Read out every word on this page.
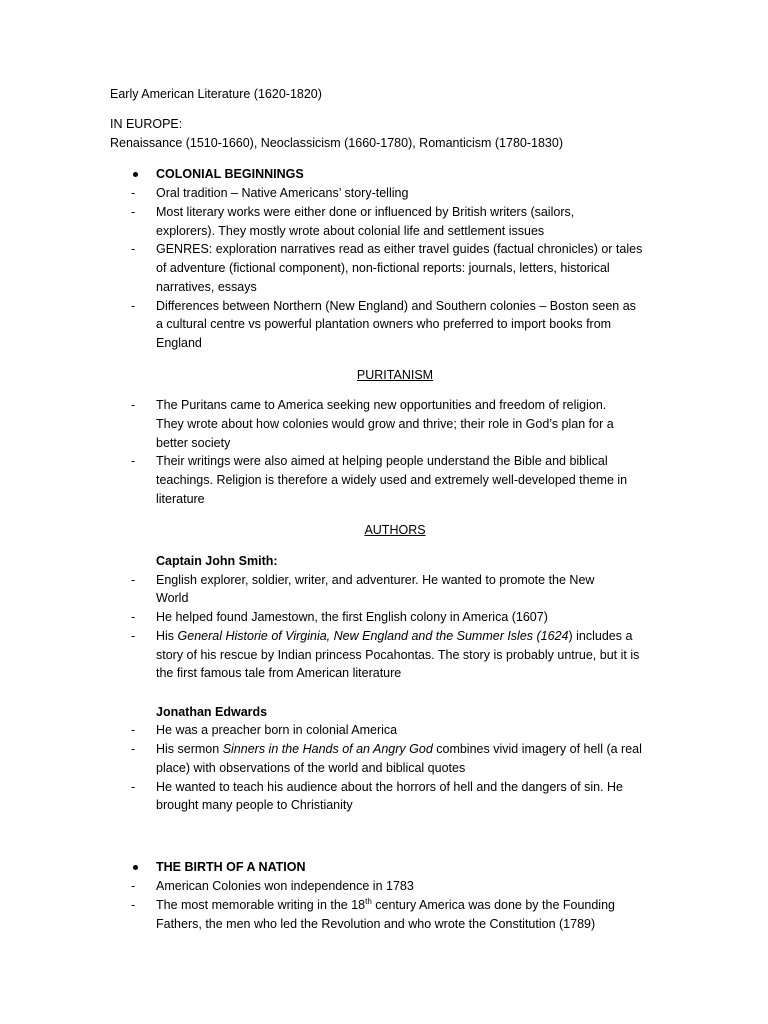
Early American Literature (1620-1820)
IN EUROPE:
Renaissance (1510-1660), Neoclassicism (1660-1780), Romanticism (1780-1830)
COLONIAL BEGINNINGS
- Oral tradition – Native Americans’ story-telling
- Most literary works were either done or influenced by British writers (sailors,
explorers). They mostly wrote about colonial life and settlement issues
- GENRES: exploration narratives read as either travel guides (factual chronicles) or tales
of adventure (fictional component), non-fictional reports: journals, letters, historical
narratives, essays
- Differences between Northern (New England) and Southern colonies – Boston seen as
a cultural centre vs powerful plantation owners who preferred to import books from
England
PURITANISM
- The Puritans came to America seeking new opportunities and freedom of religion.
They wrote about how colonies would grow and thrive; their role in God’s plan for a
better society
- Their writings were also aimed at helping people understand the Bible and biblical
teachings. Religion is therefore a widely used and extremely well-developed theme in
literature
AUTHORS
Captain John Smith:
- English explorer, soldier, writer, and adventurer. He wanted to promote the New
World
- He helped found Jamestown, the first English colony in America (1607)
- His General Historie of Virginia, New England and the Summer Isles (1624) includes a
story of his rescue by Indian princess Pocahontas. The story is probably untrue, but it is
the first famous tale from American literature
Jonathan Edwards
- He was a preacher born in colonial America
- His sermon Sinners in the Hands of an Angry God combines vivid imagery of hell (a real
place) with observations of the world and biblical quotes
- He wanted to teach his audience about the horrors of hell and the dangers of sin. He
brought many people to Christianity
THE BIRTH OF A NATION
- American Colonies won independence in 1783
- The most memorable writing in the 18th century America was done by the Founding
Fathers, the men who led the Revolution and who wrote the Constitution (1789)
